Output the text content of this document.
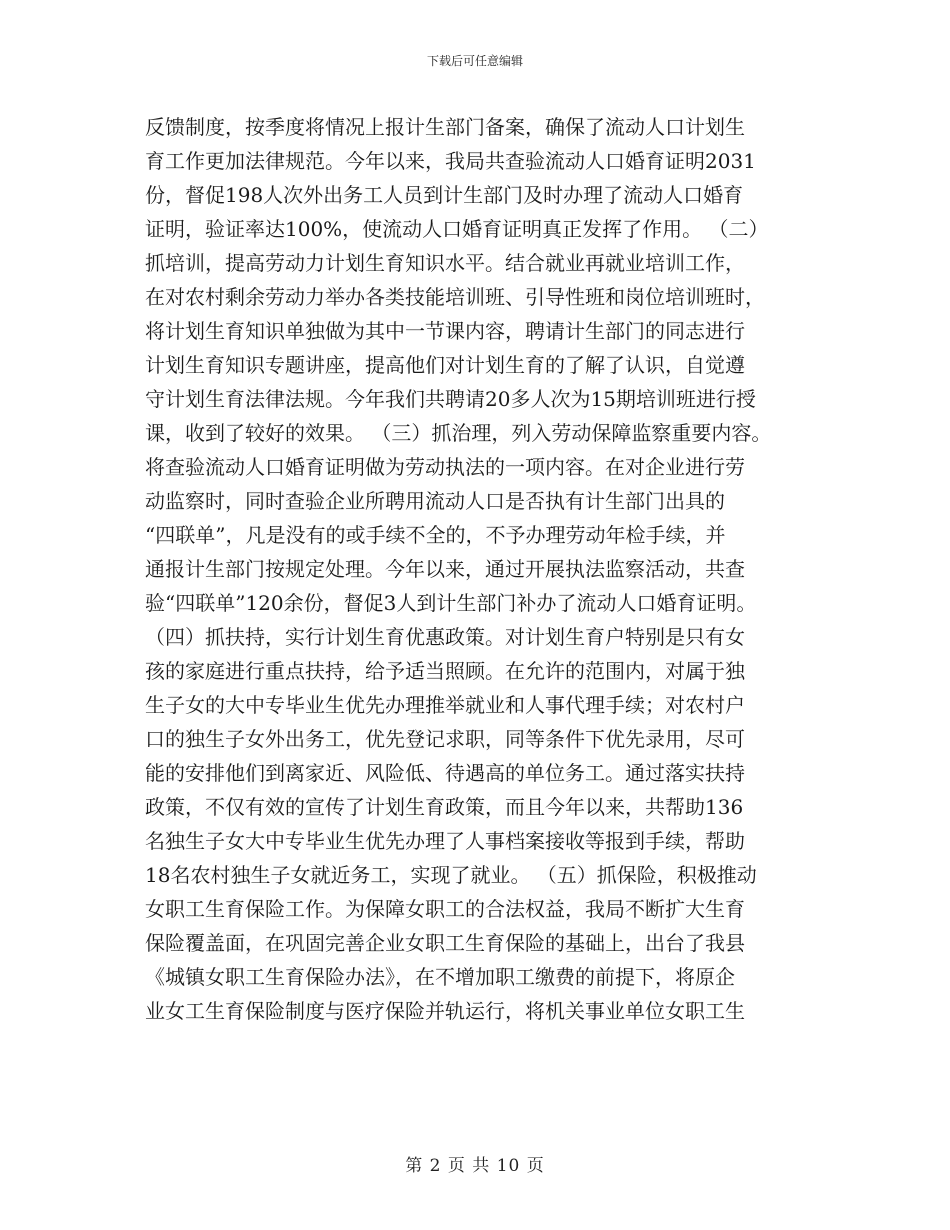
下载后可任意编辑
反馈制度，按季度将情况上报计生部门备案，确保了流动人口计划生
育工作更加法律规范。今年以来，我局共查验流动人口婚育证明2031
份，督促198人次外出务工人员到计生部门及时办理了流动人口婚育
证明，验证率达100%，使流动人口婚育证明真正发挥了作用。 （二）
抓培训，提高劳动力计划生育知识水平。结合就业再就业培训工作，
在对农村剩余劳动力举办各类技能培训班、引导性班和岗位培训班时，
将计划生育知识单独做为其中一节课内容，聘请计生部门的同志进行
计划生育知识专题讲座，提高他们对计划生育的了解了认识，自觉遵
守计划生育法律法规。今年我们共聘请20多人次为15期培训班进行授
课，收到了较好的效果。 （三）抓治理，列入劳动保障监察重要内容。
将查验流动人口婚育证明做为劳动执法的一项内容。在对企业进行劳
动监察时，同时查验企业所聘用流动人口是否执有计生部门出具的
“四联单”，凡是没有的或手续不全的，不予办理劳动年检手续，并
通报计生部门按规定处理。今年以来，通过开展执法监察活动，共查
验“四联单”120余份，督促3人到计生部门补办了流动人口婚育证明。
（四）抓扶持，实行计划生育优惠政策。对计划生育户特别是只有女
孩的家庭进行重点扶持，给予适当照顾。在允许的范围内，对属于独
生子女的大中专毕业生优先办理推举就业和人事代理手续；对农村户
口的独生子女外出务工，优先登记求职，同等条件下优先录用，尽可
能的安排他们到离家近、风险低、待遇高的单位务工。通过落实扶持
政策，不仅有效的宣传了计划生育政策，而且今年以来，共帮助136
名独生子女大中专毕业生优先办理了人事档案接收等报到手续，帮助
18名农村独生子女就近务工，实现了就业。 （五）抓保险，积极推动
女职工生育保险工作。为保障女职工的合法权益，我局不断扩大生育
保险覆盖面，在巩固完善企业女职工生育保险的基础上，出台了我县
《城镇女职工生育保险办法》，在不增加职工缴费的前提下，将原企
业女工生育保险制度与医疗保险并轨运行，将机关事业单位女职工生
第 2 页 共 10 页
